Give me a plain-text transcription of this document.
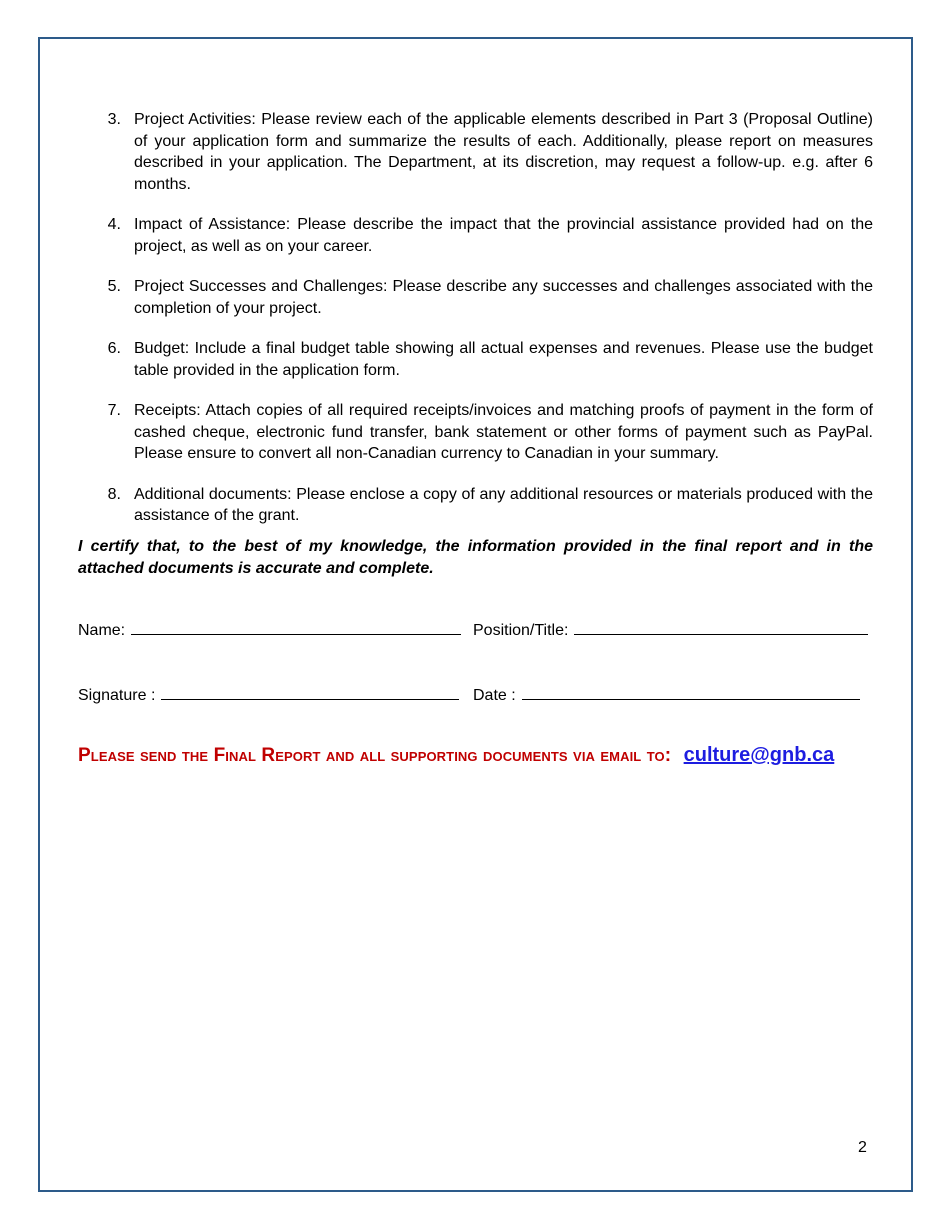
3. Project Activities: Please review each of the applicable elements described in Part 3 (Proposal Outline) of your application form and summarize the results of each. Additionally, please report on measures described in your application. The Department, at its discretion, may request a follow-up. e.g. after 6 months.
4. Impact of Assistance: Please describe the impact that the provincial assistance provided had on the project, as well as on your career.
5. Project Successes and Challenges: Please describe any successes and challenges associated with the completion of your project.
6. Budget: Include a final budget table showing all actual expenses and revenues. Please use the budget table provided in the application form.
7. Receipts: Attach copies of all required receipts/invoices and matching proofs of payment in the form of cashed cheque, electronic fund transfer, bank statement or other forms of payment such as PayPal. Please ensure to convert all non-Canadian currency to Canadian in your summary.
8. Additional documents: Please enclose a copy of any additional resources or materials produced with the assistance of the grant.
I certify that, to the best of my knowledge, the information provided in the final report and in the attached documents is accurate and complete.
Name:	Position/Title:
Signature :	Date :
Please send the Final Report and all supporting documents via email to: culture@gnb.ca
2
